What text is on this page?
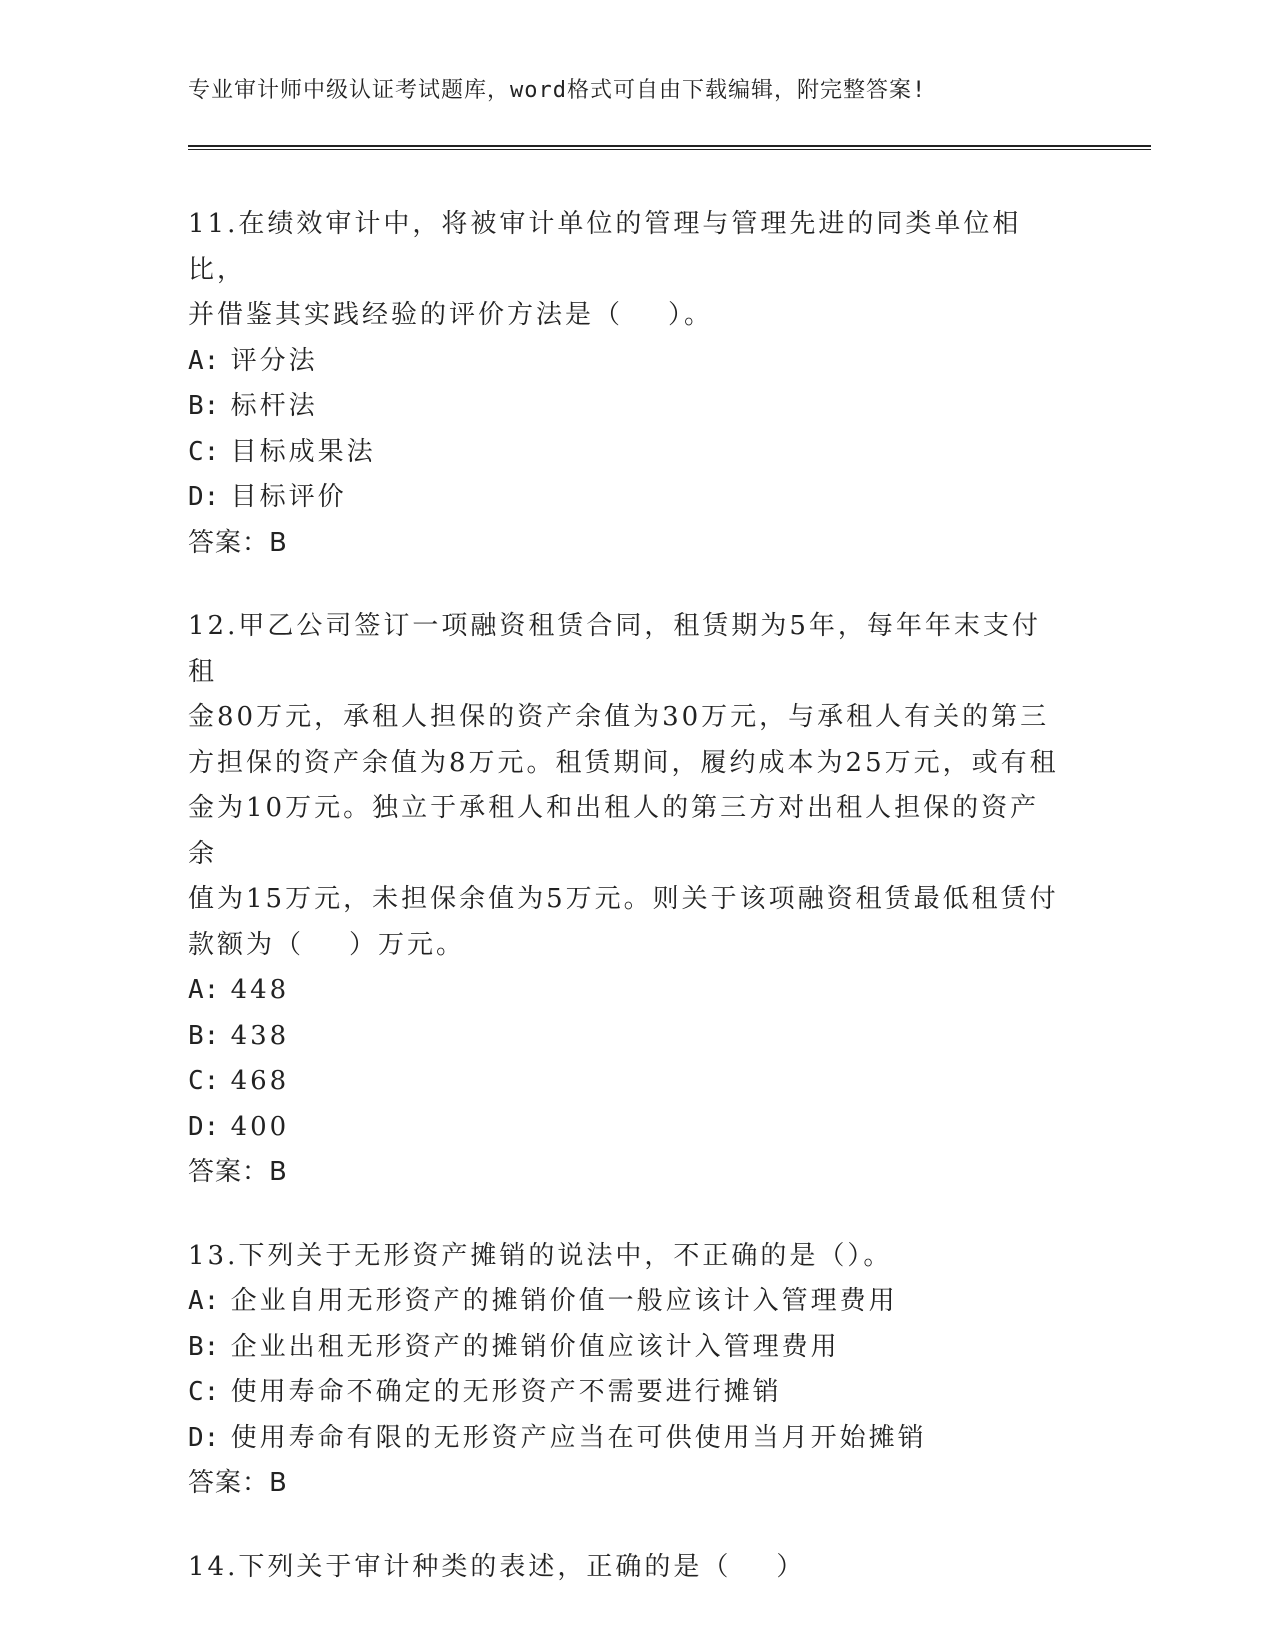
专业审计师中级认证考试题库，word格式可自由下载编辑，附完整答案!

11.在绩效审计中，将被审计单位的管理与管理先进的同类单位相比，

并借鉴其实践经验的评价方法是（    ）。

A: 评分法

B: 标杆法

C: 目标成果法

D: 目标评价

答案：B

12.甲乙公司签订一项融资租赁合同，租赁期为5年，每年年末支付租

金80万元，承租人担保的资产余值为30万元，与承租人有关的第三

方担保的资产余值为8万元。租赁期间，履约成本为25万元，或有租

金为10万元。独立于承租人和出租人的第三方对出租人担保的资产余

值为15万元，未担保余值为5万元。则关于该项融资租赁最低租赁付

款额为（    ）万元。

A: 448

B: 438

C: 468

D: 400

答案：B

13.下列关于无形资产摊销的说法中，不正确的是（）。

A: 企业自用无形资产的摊销价值一般应该计入管理费用

B: 企业出租无形资产的摊销价值应该计入管理费用

C: 使用寿命不确定的无形资产不需要进行摊销

D: 使用寿命有限的无形资产应当在可供使用当月开始摊销

答案：B

14.下列关于审计种类的表述，正确的是（    ）
